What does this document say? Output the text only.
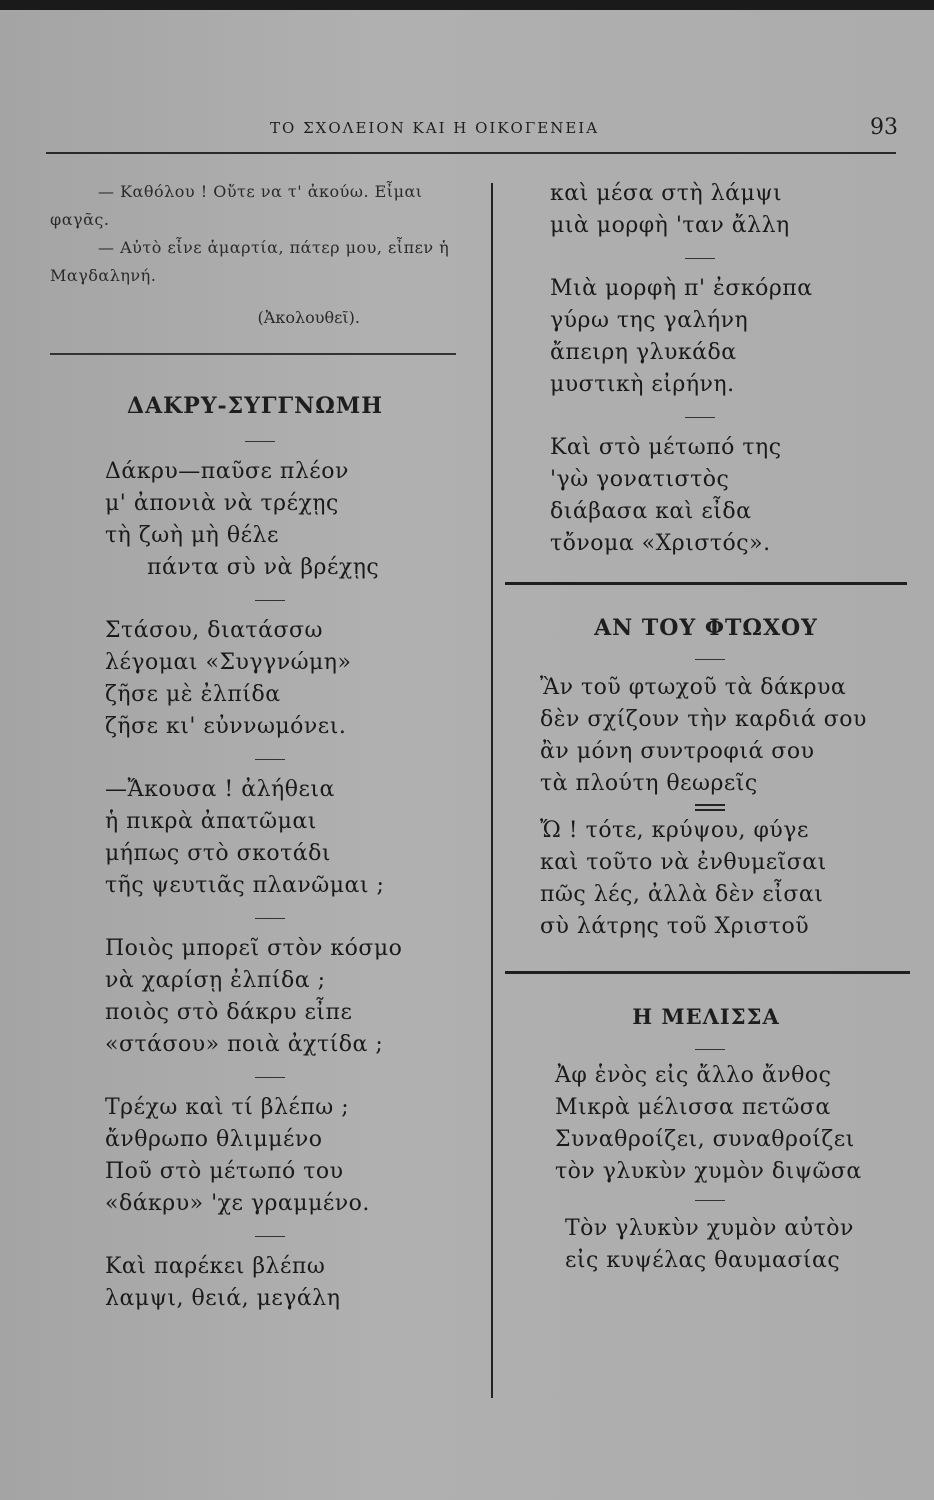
ΤΟ ΣΧΟΛΕΙΟΝ ΚΑΙ Η ΟΙΚΟΓΕΝΕΙΑ	93

— Καθόλου ! Οὔτε να τ' ἀκούω. Εἶμαι φαγᾶς.

— Αὐτὸ εἶνε ἁμαρτία, πάτερ μου, εἶπεν ἡ Μαγδαληνή.

(Ἀκολουθεῖ).
ΔΑΚΡΥ-ΣΥΓΓΝΩΜΗ
Δάκρυ—παῦσε πλέον
μ' ἀπονιὰ νὰ τρέχῃς
τὴ ζωὴ μὴ θέλε
πάντα σὺ νὰ βρέχῃς
Στάσου, διατάσσω
λέγομαι «Συγγνώμη»
ζῆσε μὲ ἐλπίδα
ζῆσε κι' εὐννωμόνει.
—Ἄκουσα ! ἀλήθεια
ἡ πικρὰ ἀπατῶμαι
μήπως στὸ σκοτάδι
τῆς ψευτιᾶς πλανῶμαι ;
Ποιὸς μπορεῖ στὸν κόσμο
νὰ χαρίσῃ ἐλπίδα ;
ποιὸς στὸ δάκρυ εἶπε
«στάσου» ποιὰ ἀχτίδα ;
Τρέχω καὶ τί βλέπω ;
ἄνθρωπο θλιμμένο
Ποῦ στὸ μέτωπό του
«δάκρυ» 'χε γραμμένο.
Καὶ παρέκει βλέπω
λαμψι, θειά, μεγάλη
καὶ μέσα στὴ λάμψι
μιὰ μορφὴ 'ταν ἄλλη
Μιὰ μορφὴ π' ἐσκόρπα
γύρω της γαλήνη
ἄπειρη γλυκάδα
μυστικὴ εἰρήνη.
Καὶ στὸ μέτωπό της
'γὼ γονατιστὸς
διάβασα καὶ εἶδα
τὄνομα «Χριστός».
ΑΝ ΤΟΥ ΦΤΩΧΟΥ
Ἂν τοῦ φτωχοῦ τὰ δάκρυα
δὲν σχίζουν τὴν καρδιά σου
ἂν μόνη συντροφιά σου
τὰ πλούτη θεωρεῖς
Ὤ ! τότε, κρύψου, φύγε
καὶ τοῦτο νὰ ἐνθυμεῖσαι
πῶς λές, ἀλλὰ δὲν εἶσαι
σὺ λάτρης τοῦ Χριστοῦ
Η ΜΕΛΙΣΣΑ
Ἀφ ἑνὸς εἰς ἄλλο ἄνθος
Μικρὰ μέλισσα πετῶσα
Συναθροίζει, συναθροίζει
τὸν γλυκὺν χυμὸν διψῶσα
Τὸν γλυκὺν χυμὸν αὐτὸν
εἰς κυψέλας θαυμασίας
